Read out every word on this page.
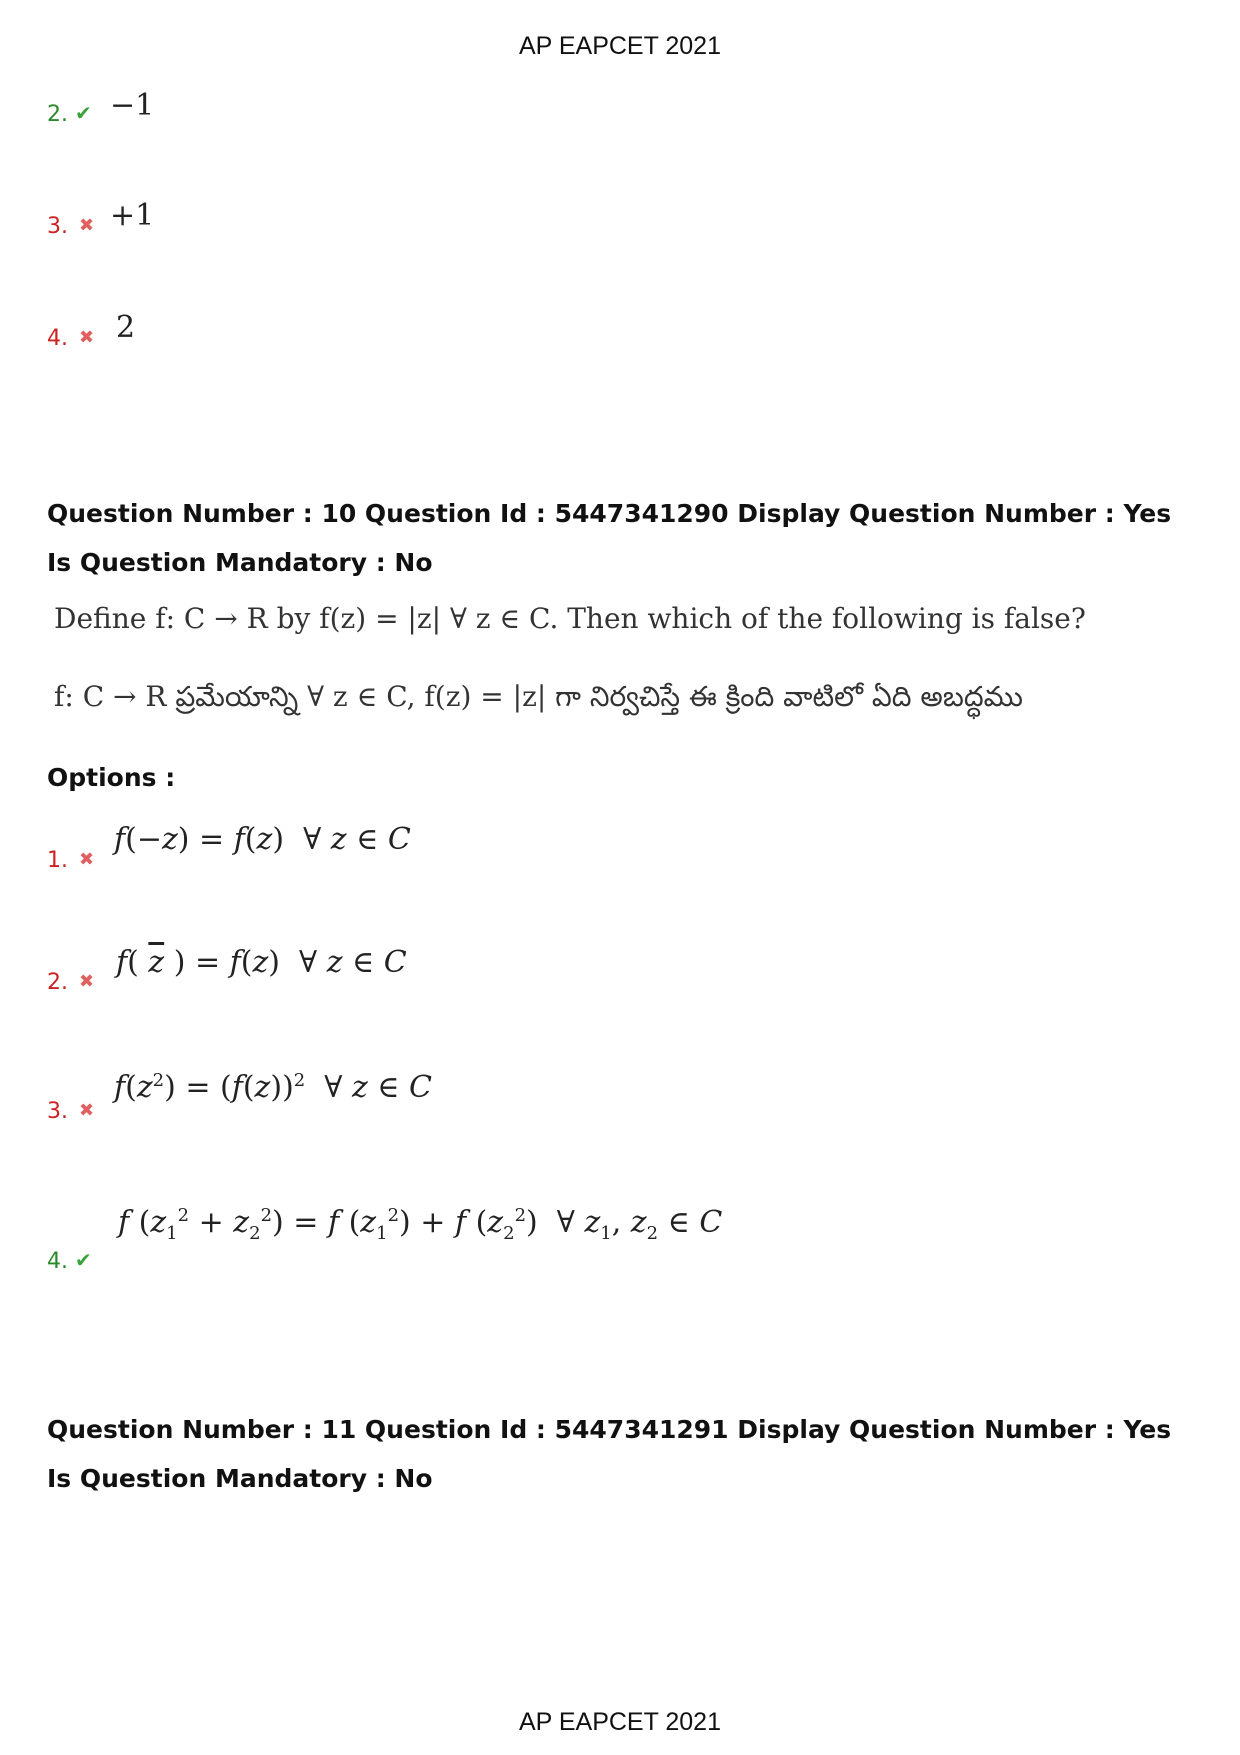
AP EAPCET 2021
2. ✔ −1
3. ✖ +1
4. ✖ 2
Question Number : 10 Question Id : 5447341290 Display Question Number : Yes Is Question Mandatory : No
Define f: C → R by f(z) = |z| ∀ z ∈ C. Then which of the following is false?
f: C → R ప్రమేయాన్ని ∀ z ∈ C, f(z) = |z| గా నిర్వచిస్తే ఈ క్రింది వాటిలో ఏది అబద్ధము
Options :
1. ✖
f(−z) = f(z)  ∀ z ∈ C
2. ✖
f( $\overline{z}$ ) = f(z)  ∀ z ∈ C
3. ✖
$f(z^2) = (f(z))^2$  ∀ z ∈ C
4. ✔
f $(z_1^2 + z_2^2) = f$ $(z_1^2) + f$ $(z_2^2)$  ∀ $z_1$, $z_2$ ∈ C
Question Number : 11 Question Id : 5447341291 Display Question Number : Yes Is Question Mandatory : No
AP EAPCET 2021
